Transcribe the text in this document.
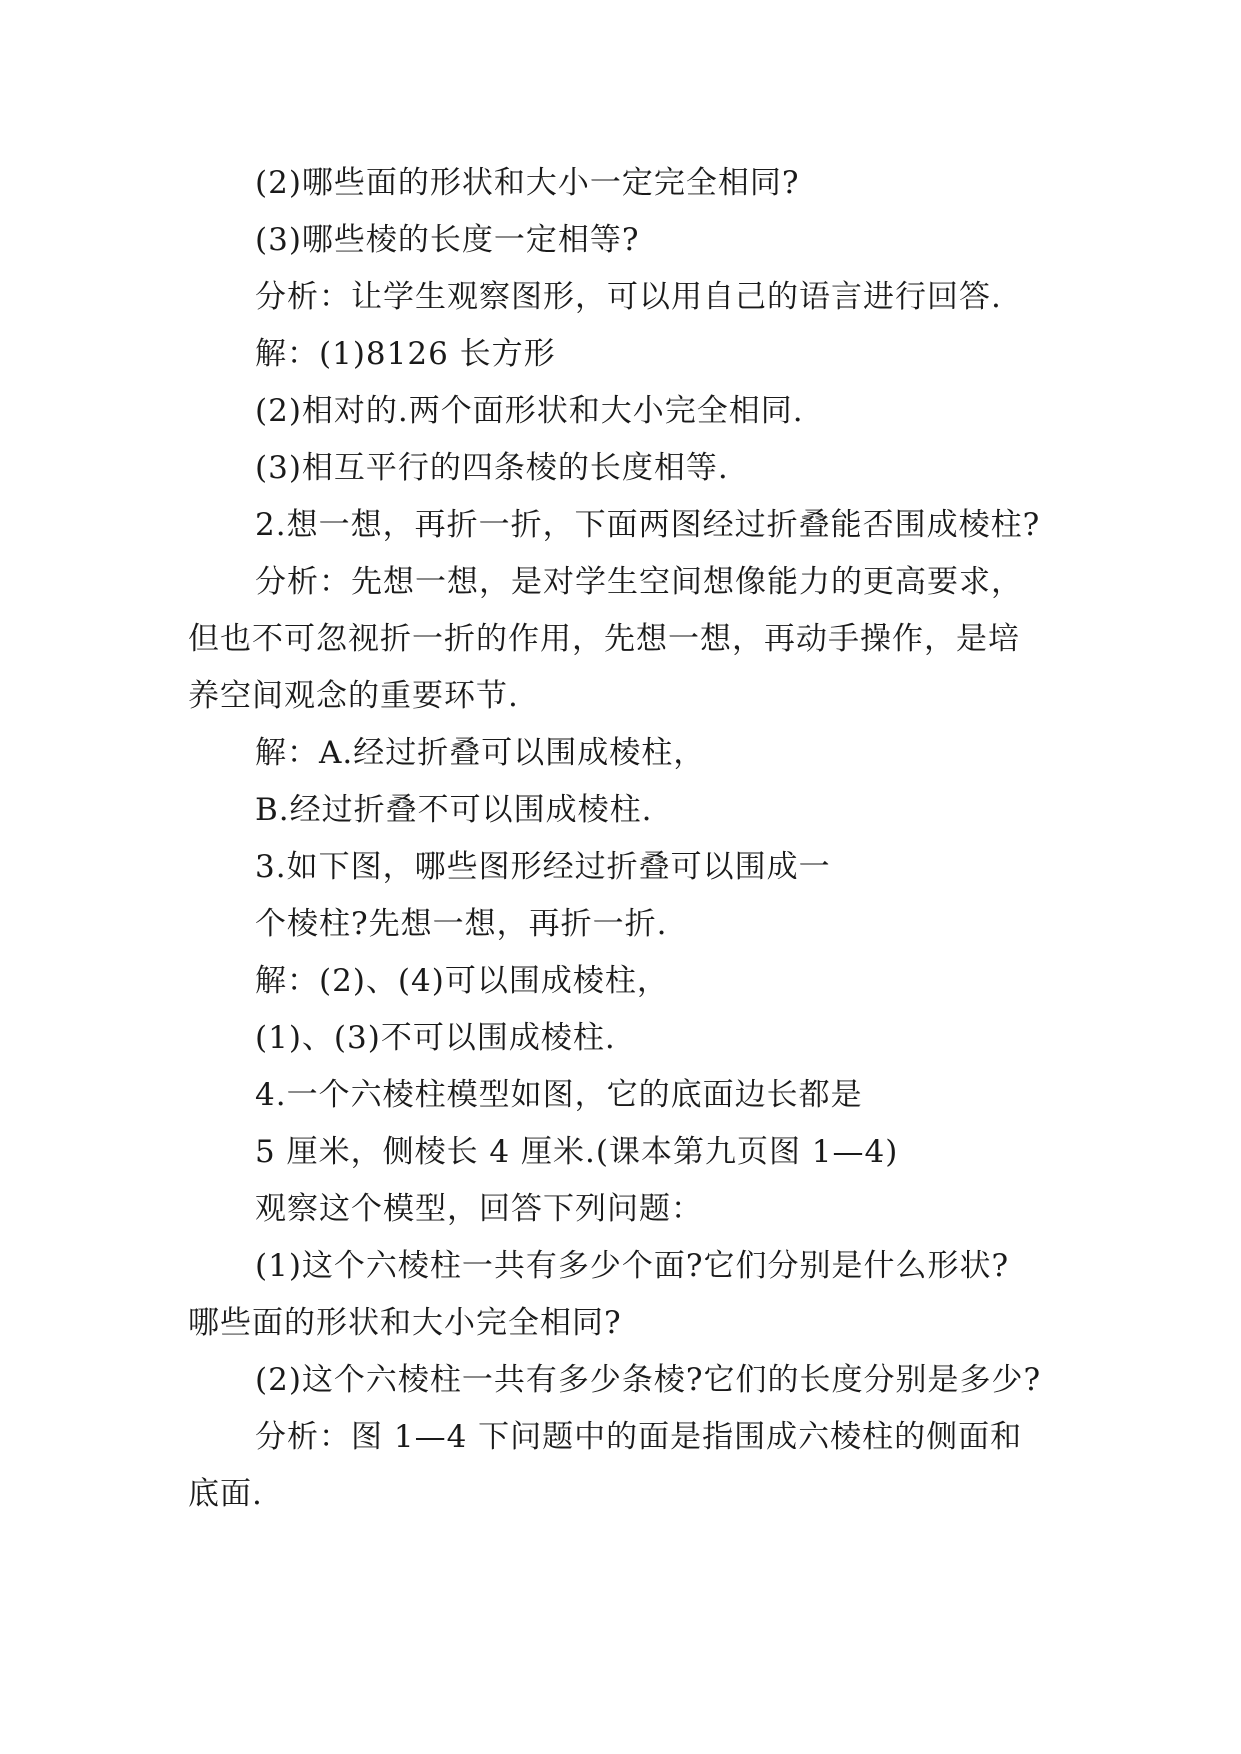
(2)哪些面的形状和大小一定完全相同?
(3)哪些棱的长度一定相等?
分析：让学生观察图形，可以用自己的语言进行回答.
解：(1)8126 长方形
(2)相对的.两个面形状和大小完全相同.
(3)相互平行的四条棱的长度相等.
2.想一想，再折一折，下面两图经过折叠能否围成棱柱?
分析：先想一想，是对学生空间想像能力的更高要求，
但也不可忽视折一折的作用，先想一想，再动手操作，是培
养空间观念的重要环节.
解：A.经过折叠可以围成棱柱，
B.经过折叠不可以围成棱柱.
3.如下图，哪些图形经过折叠可以围成一
个棱柱?先想一想，再折一折.
解：(2)、(4)可以围成棱柱，
(1)、(3)不可以围成棱柱.
4.一个六棱柱模型如图，它的底面边长都是
5 厘米，侧棱长 4 厘米.(课本第九页图 1—4)
观察这个模型，回答下列问题：
(1)这个六棱柱一共有多少个面?它们分别是什么形状?
哪些面的形状和大小完全相同?
(2)这个六棱柱一共有多少条棱?它们的长度分别是多少?
分析：图 1—4 下问题中的面是指围成六棱柱的侧面和
底面.
